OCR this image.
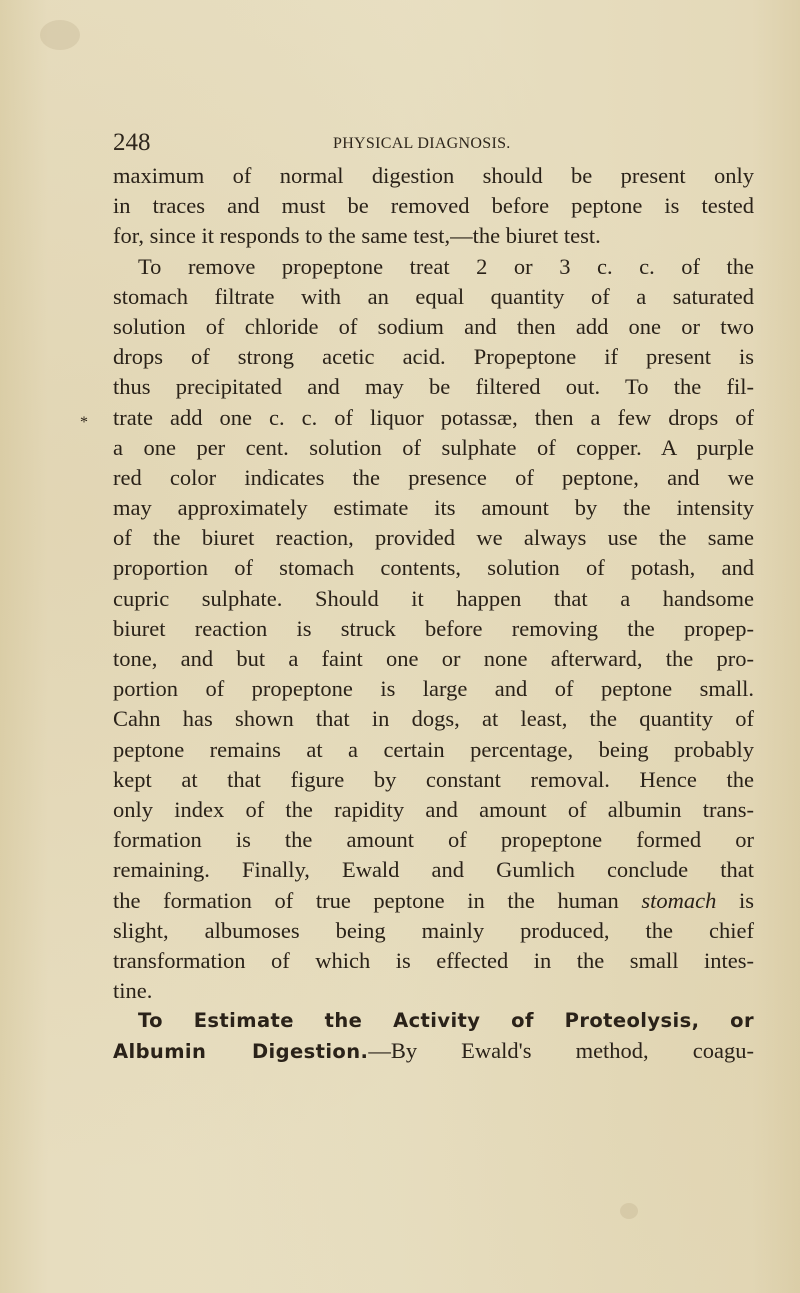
248	PHYSICAL DIAGNOSIS.
*
maximum of normal digestion should be present only
in traces and must be removed before peptone is tested
for, since it responds to the same test,—the biuret test.
To remove propeptone treat 2 or 3 c. c. of the
stomach filtrate with an equal quantity of a saturated
solution of chloride of sodium and then add one or two
drops of strong acetic acid. Propeptone if present is
thus precipitated and may be filtered out. To the fil-
trate add one c. c. of liquor potassæ, then a few drops of
a one per cent. solution of sulphate of copper. A purple
red color indicates the presence of peptone, and we
may approximately estimate its amount by the intensity
of the biuret reaction, provided we always use the same
proportion of stomach contents, solution of potash, and
cupric sulphate. Should it happen that a handsome
biuret reaction is struck before removing the propep-
tone, and but a faint one or none afterward, the pro-
portion of propeptone is large and of peptone small.
Cahn has shown that in dogs, at least, the quantity of
peptone remains at a certain percentage, being probably
kept at that figure by constant removal. Hence the
only index of the rapidity and amount of albumin trans-
formation is the amount of propeptone formed or
remaining. Finally, Ewald and Gumlich conclude that
the formation of true peptone in the human stomach is
slight, albumoses being mainly produced, the chief
transformation of which is effected in the small intes-
tine.
To Estimate the Activity of Proteolysis, or
Albumin Digestion.—By Ewald's method, coagu-
